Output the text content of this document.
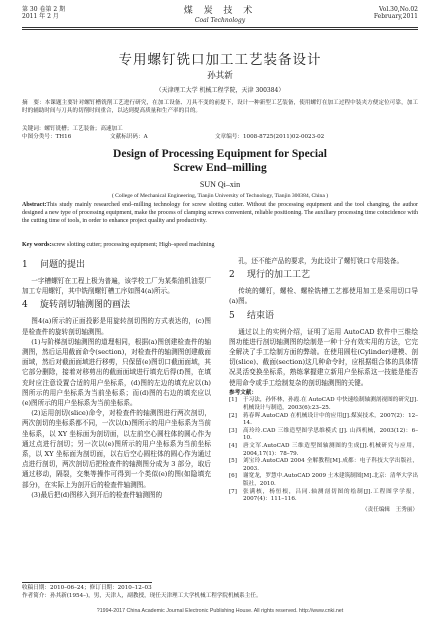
第 30 卷第 2 期
2011 年 2 月
煤 炭 技 术
Coal Technology
Vol.30,No.02
February,2011
专用螺钉铣口加工工艺装备设计
孙其新
（天津理工大学 机械工程学院，天津 300384）
摘　要：本课题主要针对螺钉槽铣削工艺进行研究，在加工设备、刀具不变的前提下，设计一种新型工艺装备，使用螺钉在加工过程中装夹方便定位可靠，加工时的辅助时间与刀具的切削时间重合，以达到提高质量和生产率的目的。
关键词：螺钉铣槽；工艺装备；高速加工
中图分类号：TH16	文献标识码：A	文章编号：1008-8725(2011)02-0023-02
Design of Processing Equipment for Special
Screw End–milling
SUN Qi–xin
( College of Mechanical Engineering, Tianjin University of Technology, Tianjin 300384, China )
Abstract:This study mainly researched end–milling technology for screw slotting cutter. Without the processing equipment and the tool changing, the author designed a new type of processing equipment, make the process of clamping screws convenient, reliable positioning. The auxiliary processing time coincidence with the cutting time of tools, in order to enhance project quality and productivity.
Key words:screw slotting cutter; processing equipment; High–speed machining
1 问题的提出

一字槽螺钉在工程上极为普遍，该学校工厂为某柴油机油泵厂加工专用螺钉，其中铣削螺钉槽工序如图4(a)所示。

4 旋转剖切轴测图的画法

图4(a)所示的正面投影是用旋转剖切图的方式表达的，(c)图是检查件的旋转剖切轴测图。

(1)与阶梯剖切轴测图的道理相同，根据(a)图创建检查件的轴测图，然后运用截面命令(section)，对检查件的轴测图创建截面面域，然后对截面面域进行移剪，只保留(e)图切口截面面域，其它部分删除，接着对移剪出的截面面域进行填充后得(f)图，在填充时应注意设置合适的用户坐标系，(d)图的左边的填充应以(h)图所示的用户坐标系为当前坐标系；而(d)图的右边的填充应以(e)图所示的用户坐标系为当前坐标系。

(2)运用剖切(slice)命令，对检查件的轴测图进行两次剖切，两次剖切的坐标系都不同，一次以(h)图所示的用户坐标系为当前坐标系，以 XY 坐标面为剖切面，以左前空心圆柱体的圆心作为通过点进行剖切；另一次以(e)图所示的用户坐标系为当前坐标系，以 XY 坐标面为剖切面，以右后空心圆柱体的圆心作为通过点进行剖切，两次剖切后把检查件的轴测图分成为 3 部分，取后通过移动，隔裂，交集等操作可得到一个类似(e)的图(如隐填充部分)，在实际上为剖开后的检查件轴测图。

(3)最后把(d)图移入到开后的检查件轴测图的

孔，还不能产品的要求，为此设计了螺钉铣口专用装备。

2 现行的加工工艺

传统的螺钉，螺栓、螺栓铣槽工艺都使用加工是采用切口导(a)图。

5 结束语

通过以上的实例介绍，证明了运用 AutoCAD 软件中三维绘图功能进行剖切轴测图的绘制是一种十分有效实用的方法，它完全解决了手工绘制方面的弊端。在使用圆柱(Cylinder)建模、剖切(slice)、截面(section)这几种命令时，应根据组合体的具体情况灵活变换坐标系，熟练掌握建立新用户坐标系这一技能是能否使用命令或手工绘制复杂的剖切轴测图的关键。

参考文献：
[1] 于习法，孙怀林，孙霞.在 AutoCAD 中快速绘制轴测剖视图的研究[J].机械设计与制造，2003(6):23–25.
[2] 蒋春晖.AutoCAD 在机械设计中的应用[J].煤炭技术，2007(2)：12–14.
[3] 高玲玲.CAD 三维造型图学思维模式 [J]. 山西机械，2003(12)：6–10.
[4] 唐文军.AutoCAD 三维造型图轴测图的生成[J].机械研究与应用，2004,17(1)：78–79.
[5] 刘宝玲.AutoCAD 2004 全解教程[M].成都：电子科技大学出版社，2003.
[6] 谢宽龙，罗慧中.AutoCAD 2009 土木建筑制图[M].北京：清华大学出版社，2010.
[7] 张满核，杨恒根，吕同.轴测剖切图的绘制[J].工程图学学报，2007(4)：111–116.
（责任编辑　王秀丽）
收稿日期：2010–06–24；修订日期：2010–12–03
作者简介：孙其新(1954–)，男，天津人，副教授，现任天津理工大学机械工程学院机械系主任。
?1994-2017 China Academic Journal Electronic Publishing House. All rights reserved. http://www.cnki.net
